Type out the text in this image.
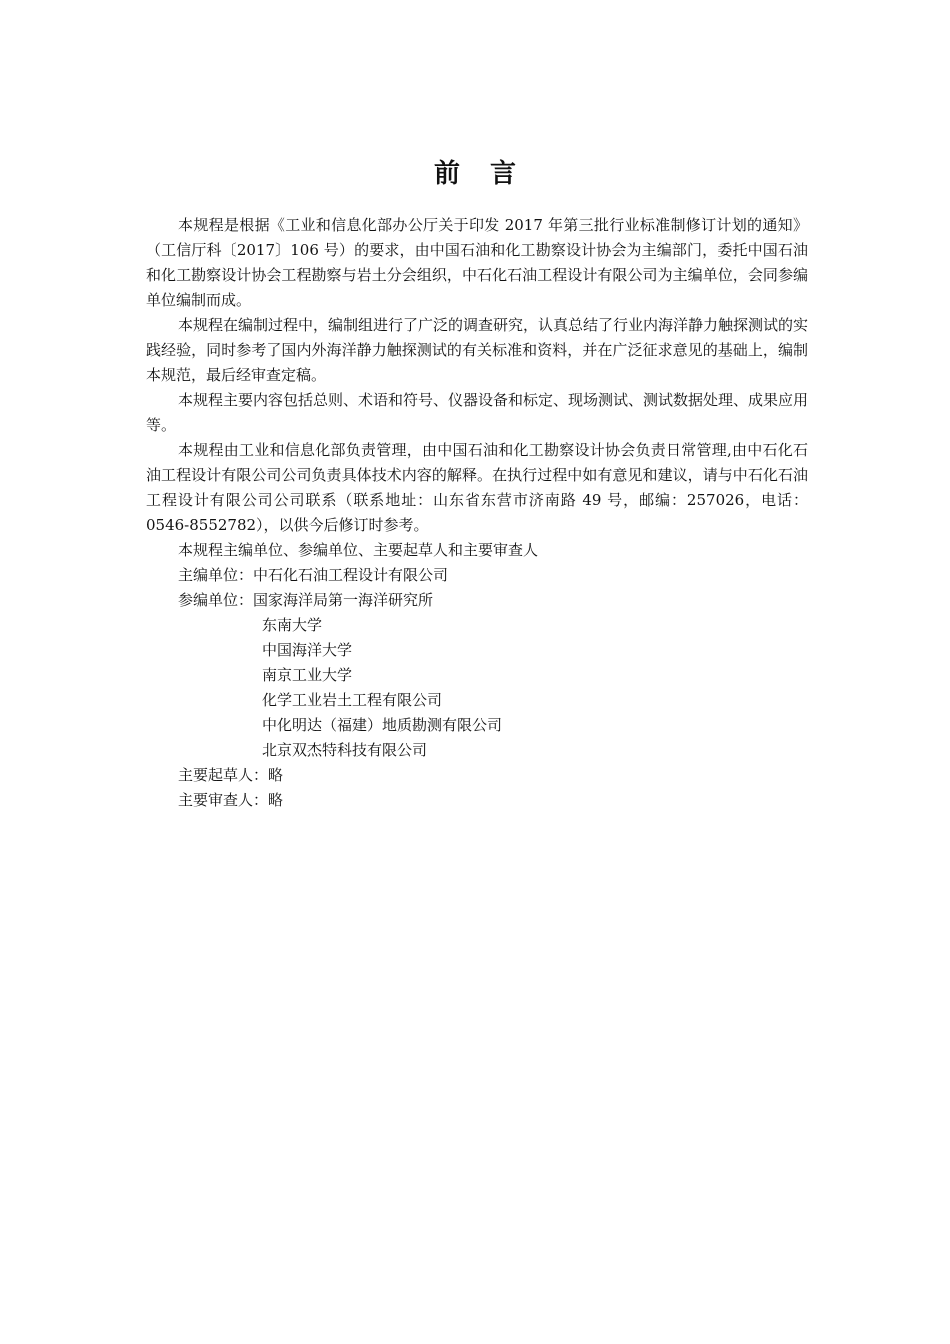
前言

本规程是根据《工业和信息化部办公厅关于印发 2017 年第三批行业标准制修订计划的通知》（工信厅科〔2017〕106 号）的要求，由中国石油和化工勘察设计协会为主编部门，委托中国石油和化工勘察设计协会工程勘察与岩土分会组织，中石化石油工程设计有限公司为主编单位，会同参编单位编制而成。

本规程在编制过程中，编制组进行了广泛的调查研究，认真总结了行业内海洋静力触探测试的实践经验，同时参考了国内外海洋静力触探测试的有关标准和资料，并在广泛征求意见的基础上，编制本规范，最后经审查定稿。

本规程主要内容包括总则、术语和符号、仪器设备和标定、现场测试、测试数据处理、成果应用等。

本规程由工业和信息化部负责管理，由中国石油和化工勘察设计协会负责日常管理,由中石化石油工程设计有限公司公司负责具体技术内容的解释。在执行过程中如有意见和建议，请与中石化石油工程设计有限公司公司联系（联系地址：山东省东营市济南路 49 号，邮编：257026，电话：0546-8552782），以供今后修订时参考。

本规程主编单位、参编单位、主要起草人和主要审查人

主编单位：中石化石油工程设计有限公司

参编单位：国家海洋局第一海洋研究所

东南大学

中国海洋大学

南京工业大学

化学工业岩土工程有限公司

中化明达（福建）地质勘测有限公司

北京双杰特科技有限公司

主要起草人：略

主要审查人：略
